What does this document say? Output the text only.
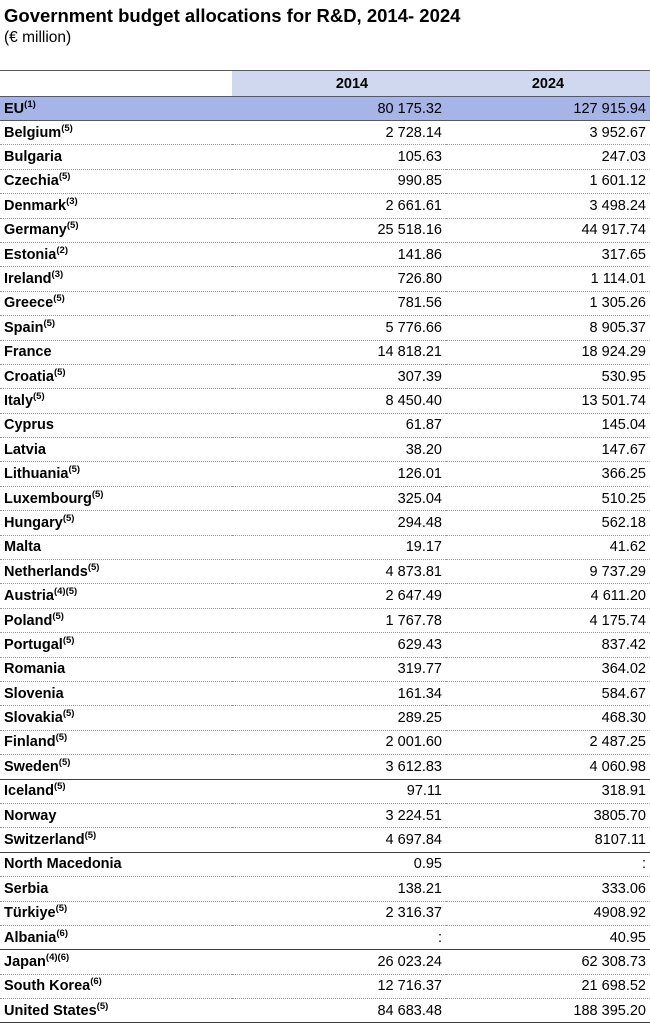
Government budget allocations for R&D, 2014- 2024
(€ million)
	2014	2024
EU$^{(1)}$	80 175.32	127 915.94
Belgium$^{(5)}$	2 728.14	3 952.67
Bulgaria	105.63	247.03
Czechia$^{(5)}$	990.85	1 601.12
Denmark$^{(3)}$	2 661.61	3 498.24
Germany$^{(5)}$	25 518.16	44 917.74
Estonia$^{(2)}$	141.86	317.65
Ireland$^{(3)}$	726.80	1 114.01
Greece$^{(5)}$	781.56	1 305.26
Spain$^{(5)}$	5 776.66	8 905.37
France	14 818.21	18 924.29
Croatia$^{(5)}$	307.39	530.95
Italy$^{(5)}$	8 450.40	13 501.74
Cyprus	61.87	145.04
Latvia	38.20	147.67
Lithuania$^{(5)}$	126.01	366.25
Luxembourg$^{(5)}$	325.04	510.25
Hungary$^{(5)}$	294.48	562.18
Malta	19.17	41.62
Netherlands$^{(5)}$	4 873.81	9 737.29
Austria$^{(4)(5)}$	2 647.49	4 611.20
Poland$^{(5)}$	1 767.78	4 175.74
Portugal$^{(5)}$	629.43	837.42
Romania	319.77	364.02
Slovenia	161.34	584.67
Slovakia$^{(5)}$	289.25	468.30
Finland$^{(5)}$	2 001.60	2 487.25
Sweden$^{(5)}$	3 612.83	4 060.98
Iceland$^{(5)}$	97.11	318.91
Norway	3 224.51	3805.70
Switzerland$^{(5)}$	4 697.84	8107.11
North Macedonia	0.95	:
Serbia	138.21	333.06
Türkiye$^{(5)}$	2 316.37	4908.92
Albania$^{(6)}$	:	40.95
Japan$^{(4)(6)}$	26 023.24	62 308.73
South Korea$^{(6)}$	12 716.37	21 698.52
United States$^{(5)}$	84 683.48	188 395.20
